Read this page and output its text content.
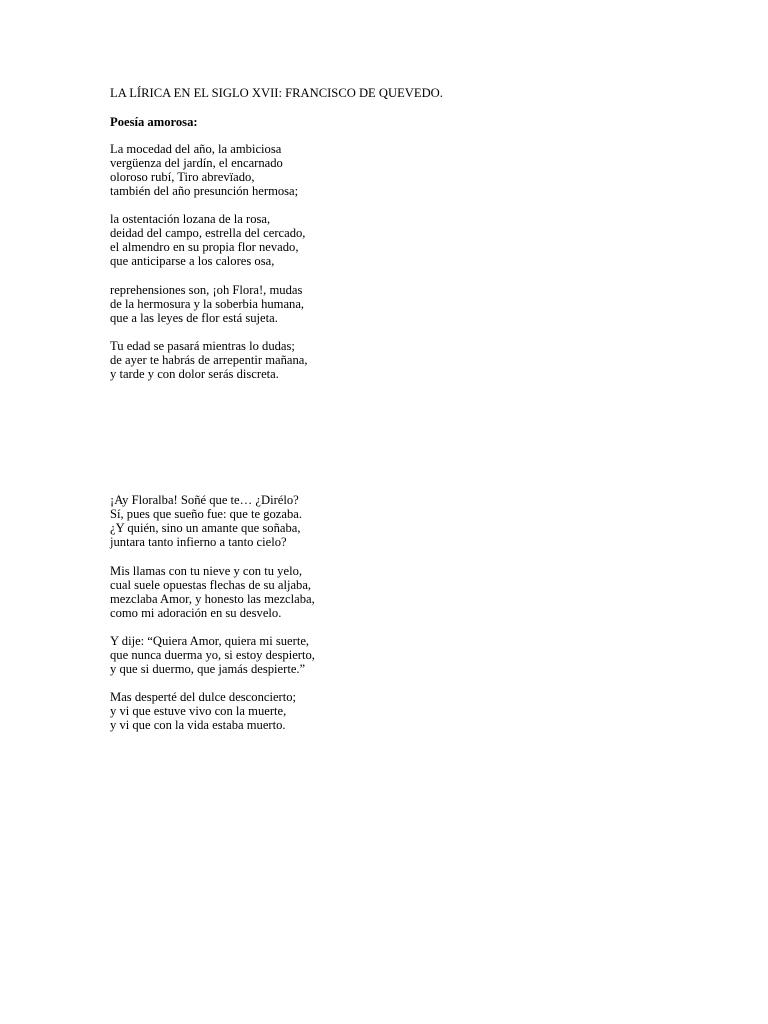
LA LÍRICA EN EL SIGLO XVII: FRANCISCO DE QUEVEDO.
Poesía amorosa:
La mocedad del año, la ambiciosa
vergüenza del jardín, el encarnado
oloroso rubí, Tiro abrevïado,
también del año presunción hermosa;
la ostentación lozana de la rosa,
deidad del campo, estrella del cercado,
el almendro en su propia flor nevado,
que anticiparse a los calores osa,
reprehensiones son, ¡oh Flora!, mudas
de la hermosura y la soberbia humana,
que a las leyes de flor está sujeta.
Tu edad se pasará mientras lo dudas;
de ayer te habrás de arrepentir mañana,
y tarde y con dolor serás discreta.
¡Ay Floralba! Soñé que te… ¿Dirélo?
Sí, pues que sueño fue: que te gozaba.
¿Y quién, sino un amante que soñaba,
juntara tanto infierno a tanto cielo?
Mis llamas con tu nieve y con tu yelo,
cual suele opuestas flechas de su aljaba,
mezclaba Amor, y honesto las mezclaba,
como mi adoración en su desvelo.
Y dije: “Quiera Amor, quiera mi suerte,
que nunca duerma yo, si estoy despierto,
y que si duermo, que jamás despierte.”
Mas desperté del dulce desconcierto;
y vi que estuve vivo con la muerte,
y vi que con la vida estaba muerto.
